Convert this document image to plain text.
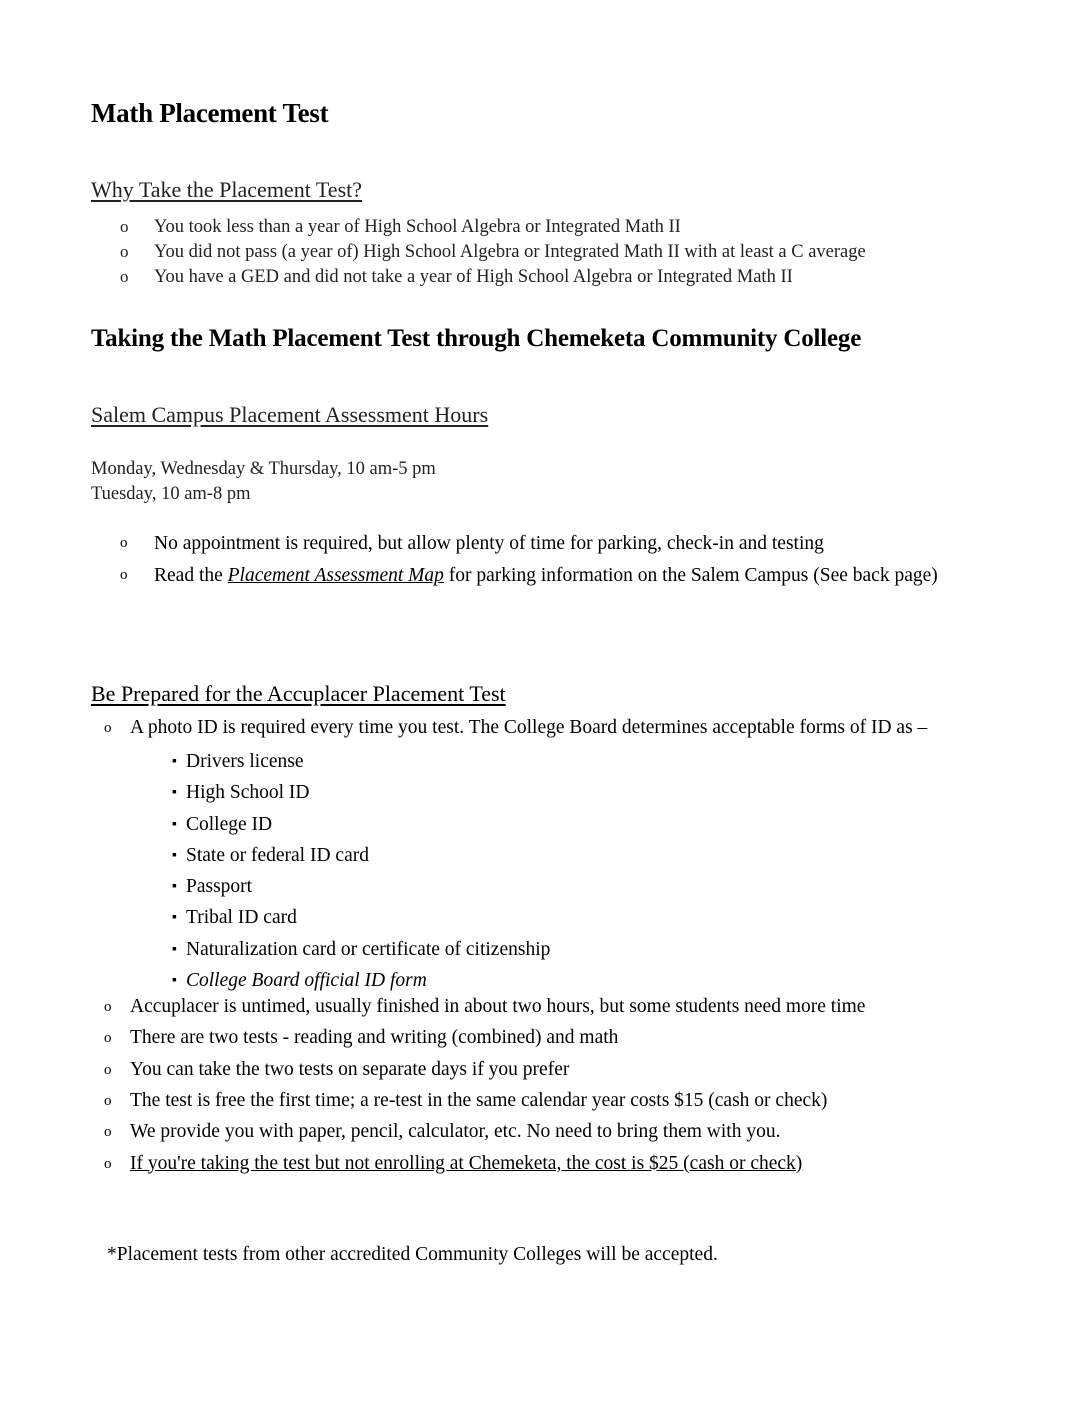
Math Placement Test
Why Take the Placement Test?
o	You took less than a year of High School Algebra or Integrated Math II
o	You did not pass (a year of) High School Algebra or Integrated Math II with at least a C average
o	You have a GED and did not take a year of High School Algebra or Integrated Math II
Taking the Math Placement Test through Chemeketa Community College
Salem Campus Placement Assessment Hours
Monday, Wednesday & Thursday, 10 am-5 pm
Tuesday, 10 am-8 pm
o	No appointment is required, but allow plenty of time for parking, check-in and testing
o	Read the Placement Assessment Map for parking information on the Salem Campus (See back page)
Be Prepared for the Accuplacer Placement Test
o A photo ID is required every time you test. The College Board determines acceptable forms of ID as –
▪ Drivers license
▪ High School ID
▪ College ID
▪ State or federal ID card
▪ Passport
▪ Tribal ID card
▪ Naturalization card or certificate of citizenship
▪ College Board official ID form
o Accuplacer is untimed, usually finished in about two hours, but some students need more time
o There are two tests - reading and writing (combined) and math
o You can take the two tests on separate days if you prefer
o The test is free the first time; a re-test in the same calendar year costs $15 (cash or check)
o We provide you with paper, pencil, calculator, etc. No need to bring them with you.
o If you're taking the test but not enrolling at Chemeketa, the cost is $25 (cash or check)
*Placement tests from other accredited Community Colleges will be accepted.
